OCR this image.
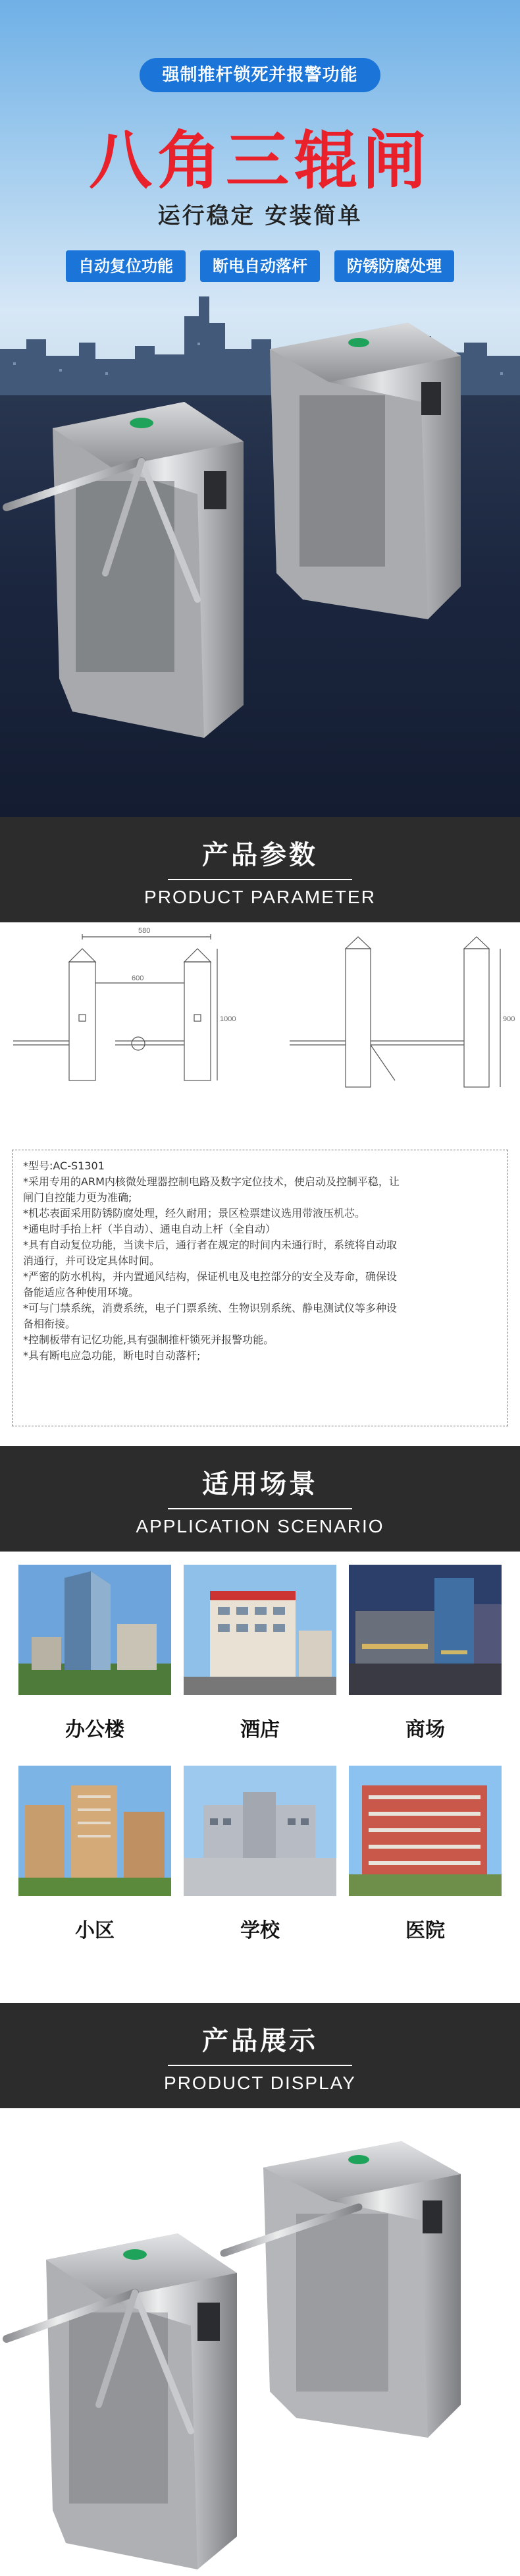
强制推杆锁死并报警功能
八角三辊闸
运行稳定 安装简单
自动复位功能	断电自动落杆	防锈防腐处理
产品参数
PRODUCT PARAMETER
580
600
1000	900

*型号:AC-S1301

*采用专用的ARM内核微处理器控制电路及数字定位技术，使启动及控制平稳，让

闸门自控能力更为准确;

*机芯表面采用防锈防腐处理，经久耐用；景区检票建议选用带液压机芯。

*通电时手抬上杆（半自动）、通电自动上杆（全自动）

*具有自动复位功能，当读卡后，通行者在规定的时间内未通行时，系统将自动取

消通行，并可设定具体时间。

*严密的防水机构，并内置通风结构，保证机电及电控部分的安全及寿命，确保设

备能适应各种使用环境。

*可与门禁系统，消费系统，电子门票系统、生物识别系统、静电测试仪等多种设

备相衔接。

*控制板带有记忆功能,具有强制推杆锁死并报警功能。

*具有断电应急功能，断电时自动落杆;

适用场景
APPLICATION SCENARIO
办公楼	酒店	商场
小区	学校	医院
产品展示
PRODUCT DISPLAY
